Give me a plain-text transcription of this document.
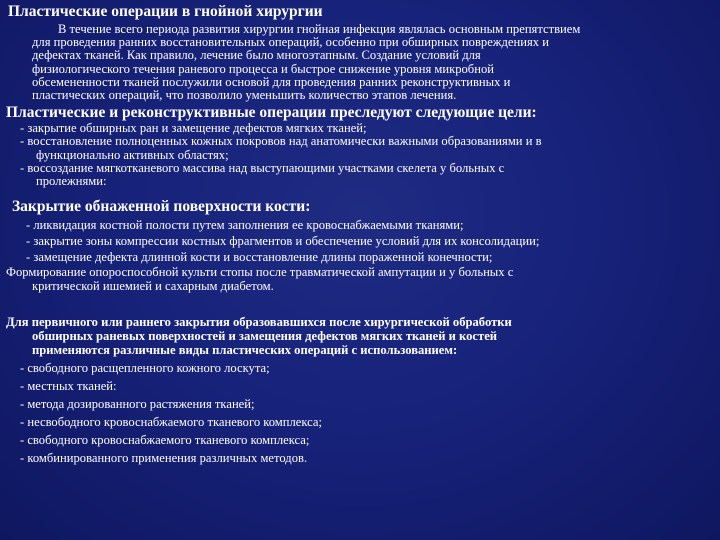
Пластические операции в гнойной хирургии
В течение всего периода развития хирургии гнойная инфекция являлась основным препятствием
для проведения ранних восстановительных операций, особенно при обширных повреждениях и
дефектах тканей. Как правило, лечение было многоэтапным. Создание условий для
физиологического течения раневого процесса и быстрое снижение уровня микробной
обсемененности тканей послужили основой для проведения ранних реконструктивных и
пластических операций, что позволило уменьшить количество этапов лечения.
Пластические и реконструктивные операции преследуют следующие цели:
- закрытие обширных ран и замещение дефектов мягких тканей;
- восстановление полноценных кожных покровов над анатомически важными образованиями и в
функционально активных областях;
- воссоздание мягкотканевого массива над выступающими участками скелета у больных с
пролежнями:
Закрытие обнаженной поверхности кости:
- ликвидация костной полости путем заполнения ее кровоснабжаемыми тканями;
- закрытие зоны компрессии костных фрагментов и обеспечение условий для их консолидации;
- замещение дефекта длинной кости и восстановление длины пораженной конечности;
Формирование опороспособной культи стопы после травматической ампутации и у больных с
критической ишемией и сахарным диабетом.
Для первичного или раннего закрытия образовавшихся после хирургической обработки
обширных раневых поверхностей и замещения дефектов мягких тканей и костей
применяются различные виды пластических операций с использованием:
- свободного расщепленного кожного лоскута;
- местных тканей:
- метода дозированного растяжения тканей;
- несвободного кровоснабжаемого тканевого комплекса;
- свободного кровоснабжаемого тканевого комплекса;
- комбинированного применения различных методов.
